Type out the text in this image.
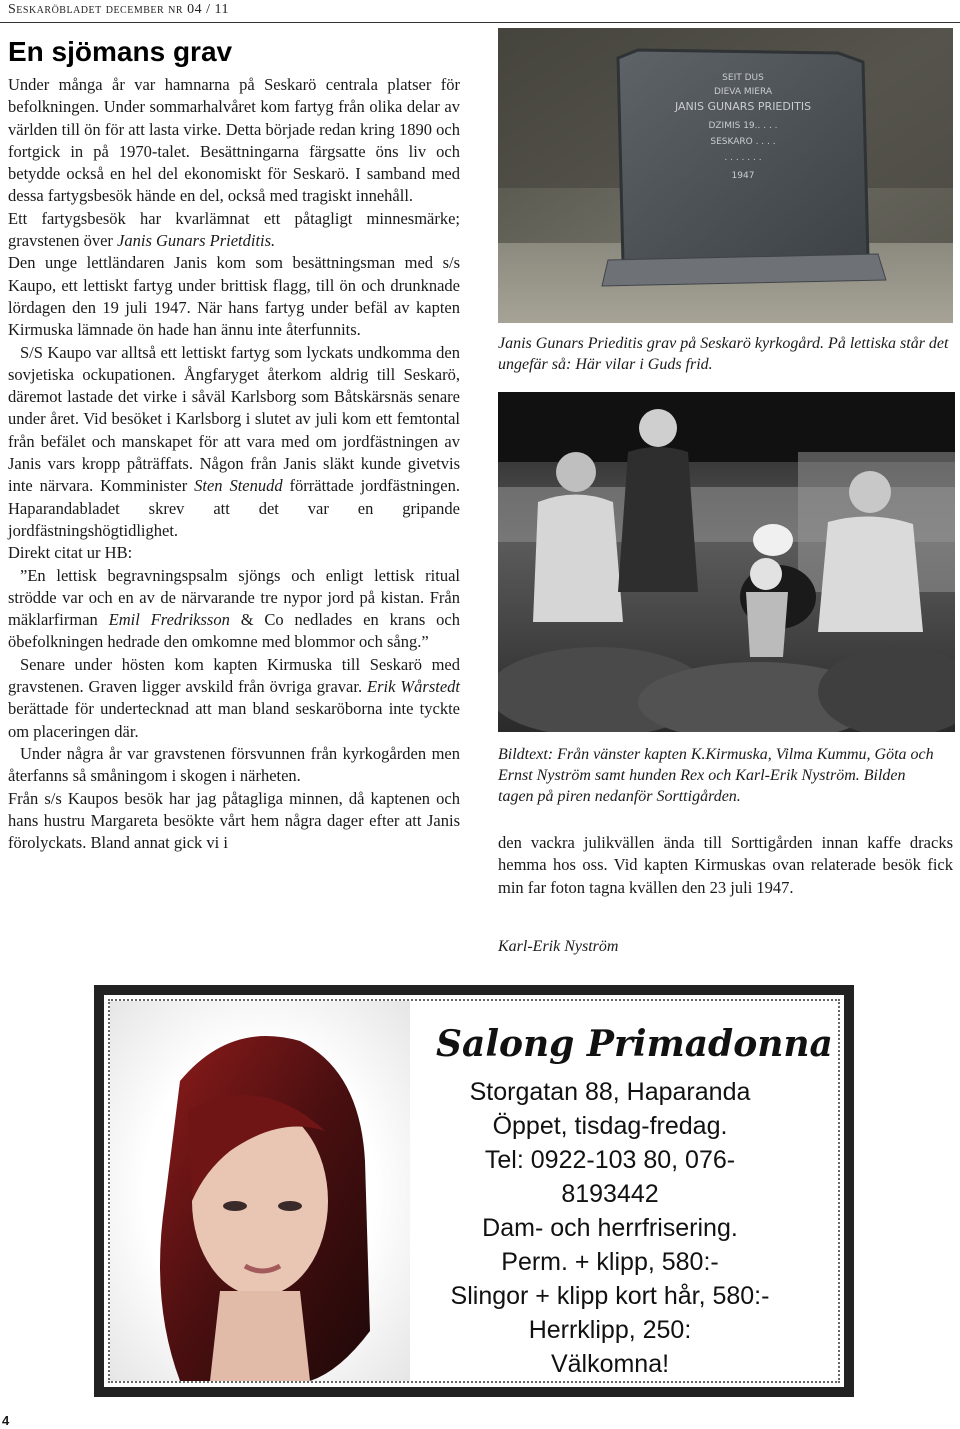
Seskaröbladet december nr 04 / 11
En sjömans grav

Under många år var hamnarna på Seskarö centrala platser för befolkningen. Under sommarhalvåret kom fartyg från olika delar av världen till ön för att lasta virke. Detta började redan kring 1890 och fortgick in på 1970-talet. Besättningarna färgsatte öns liv och betydde också en hel del ekonomiskt för Seskarö. I samband med dessa fartygsbesök hände en del, också med tragiskt innehåll.

Ett fartygsbesök har kvarlämnat ett påtagligt minnesmärke; gravstenen över Janis Gunars Prietditis.

Den unge lettländaren Janis kom som besättningsman med s/s Kaupo, ett lettiskt fartyg under brittisk flagg, till ön och drunknade lördagen den 19 juli 1947. När hans fartyg under befäl av kapten Kirmuska lämnade ön hade han ännu inte återfunnits.

S/S Kaupo var alltså ett lettiskt fartyg som lyckats undkomma den sovjetiska ockupationen. Ångfaryget återkom aldrig till Seskarö, däremot lastade det virke i såväl Karlsborg som Båtskärsnäs senare under året. Vid besöket i Karlsborg i slutet av juli kom ett femtontal från befälet och manskapet för att vara med om jordfästningen av Janis vars kropp påträffats. Någon från Janis släkt kunde givetvis inte närvara. Komminister Sten Stenudd förrättade jordfästningen. Haparandabladet skrev att det var en gripande jordfästningshögtidlighet.

Direkt citat ur HB:

”En lettisk begravningspsalm sjöngs och enligt lettisk ritual strödde var och en av de närvarande tre nypor jord på kistan. Från mäklarfirman Emil Fredriksson & Co nedlades en krans och öbefolkningen hedrade den omkomne med blommor och sång.”

Senare under hösten kom kapten Kirmuska till Seskarö med gravstenen. Graven ligger avskild från övriga gravar. Erik Wårstedt berättade för undertecknad att man bland seskaröborna inte tyckte om placeringen där.

Under några år var gravstenen försvunnen från kyrkogården men återfanns så småningom i skogen i närheten.

Från s/s Kaupos besök har jag påtagliga minnen, då kaptenen och hans hustru Margareta besökte vårt hem några dager efter att Janis förolyckats. Bland annat gick vi i

SEIT DUS
DIEVA MIERA
JANIS GUNARS PRIEDITIS
DZIMIS 19.. . . .
SESKARO . . . .
. . . . . . .
1947
Janis Gunars Prieditis grav på Seskarö kyrkogård. På lettiska står det ungefär så: Här vilar i Guds frid.
Bildtext: Från vänster kapten K.Kirmuska, Vilma Kummu, Göta och Ernst Nyström samt hunden Rex och Karl-Erik Nyström. Bilden tagen på piren nedanför Sorttigården.
den vackra julikvällen ända till Sorttigården innan kaffe dracks hemma hos oss. Vid kapten Kirmuskas ovan relaterade besök fick min far foton tagna kvällen den 23 juli 1947.
Karl-Erik Nyström
Salong Primadonna
Storgatan 88, Haparanda
Öppet, tisdag-fredag.
Tel: 0922-103 80, 076-
8193442
Dam- och herrfrisering.
Perm. + klipp, 580:-
Slingor + klipp kort hår, 580:-
Herrklipp, 250:
Välkomna!
4
